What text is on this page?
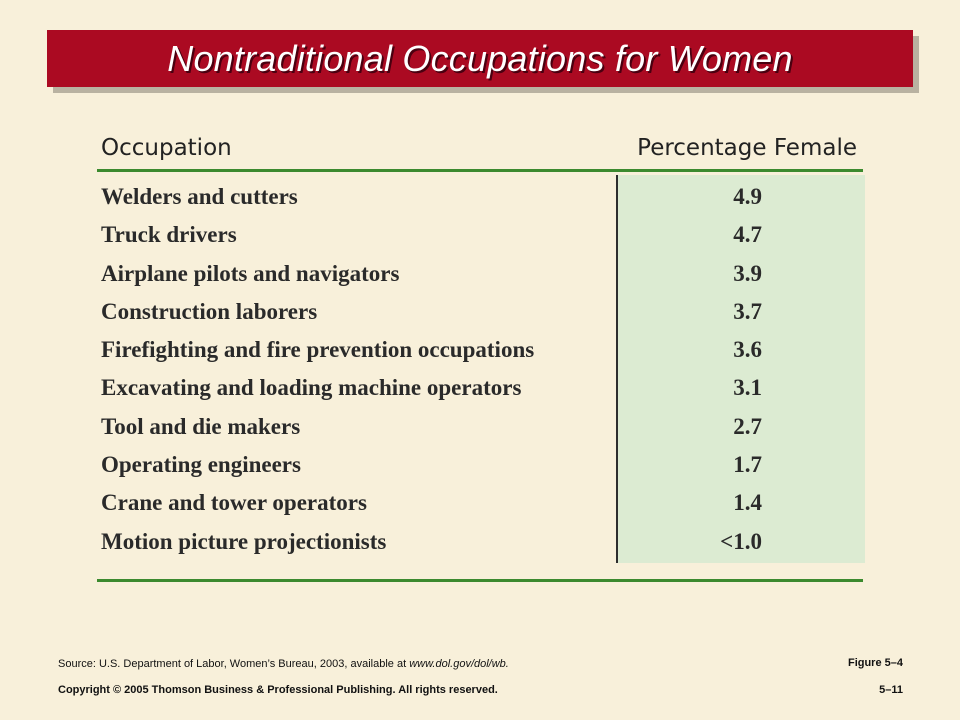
Nontraditional Occupations for Women
Occupation	Percentage Female
Welders and cutters	4.9
Truck drivers	4.7
Airplane pilots and navigators	3.9
Construction laborers	3.7
Firefighting and fire prevention occupations	3.6
Excavating and loading machine operators	3.1
Tool and die makers	2.7
Operating engineers	1.7
Crane and tower operators	1.4
Motion picture projectionists	<1.0
Source: U.S. Department of Labor, Women’s Bureau, 2003, available at www.dol.gov/dol/wb.	Figure 5–4
Copyright © 2005 Thomson Business & Professional Publishing. All rights reserved.	5–11
